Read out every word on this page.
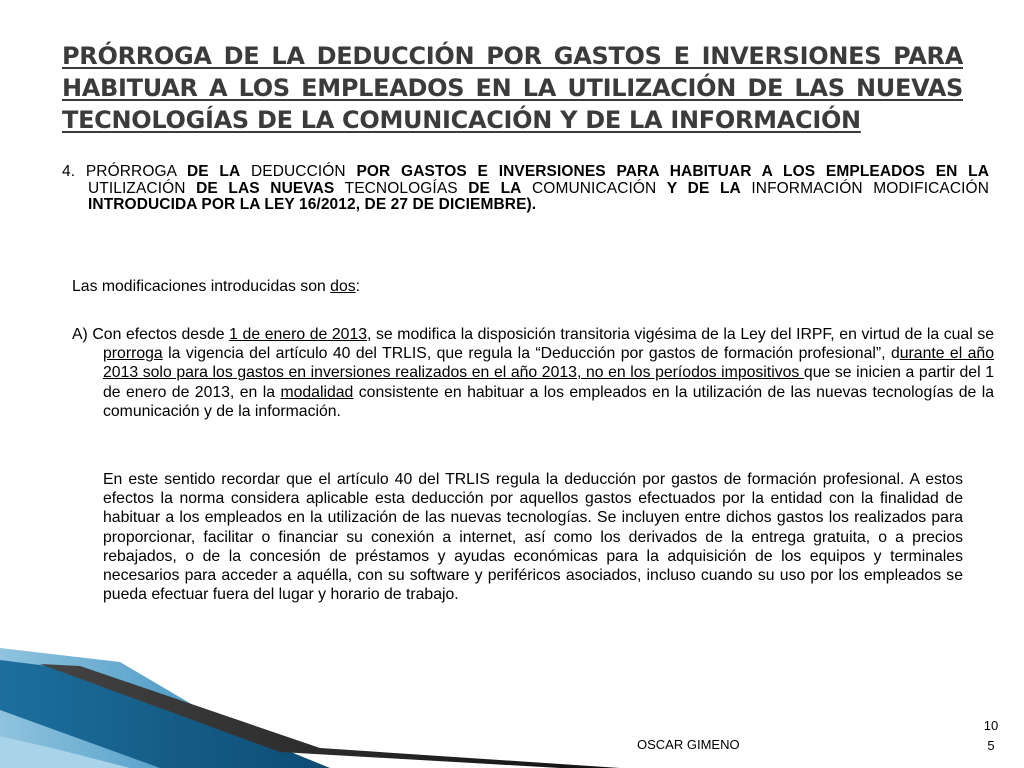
PRÓRROGA DE LA DEDUCCIÓN POR GASTOS E INVERSIONES PARA HABITUAR A LOS EMPLEADOS EN LA UTILIZACIÓN DE LAS NUEVAS TECNOLOGÍAS DE LA COMUNICACIÓN Y DE LA INFORMACIÓN

4. PRÓRROGA DE LA DEDUCCIÓN POR GASTOS E INVERSIONES PARA HABITUAR A LOS EMPLEADOS EN LA UTILIZACIÓN DE LAS NUEVAS TECNOLOGÍAS DE LA COMUNICACIÓN Y DE LA INFORMACIÓN MODIFICACIÓN INTRODUCIDA POR LA LEY 16/2012, DE 27 DE DICIEMBRE).

Las modificaciones introducidas son dos:

A) Con efectos desde 1 de enero de 2013, se modifica la disposición transitoria vigésima de la Ley del IRPF, en virtud de la cual se prorroga la vigencia del artículo 40 del TRLIS, que regula la “Deducción por gastos de formación profesional”, durante el año 2013 solo para los gastos en inversiones realizados en el año 2013, no en los períodos impositivos que se inicien a partir del 1 de enero de 2013, en la modalidad consistente en habituar a los empleados en la utilización de las nuevas tecnologías de la comunicación y de la información.

En este sentido recordar que el artículo 40 del TRLIS regula la deducción por gastos de formación profesional. A estos efectos la norma considera aplicable esta deducción por aquellos gastos efectuados por la entidad con la finalidad de habituar a los empleados en la utilización de las nuevas tecnologías. Se incluyen entre dichos gastos los realizados para proporcionar, facilitar o financiar su conexión a internet, así como los derivados de la entrega gratuita, o a precios rebajados, o de la concesión de préstamos y ayudas económicas para la adquisición de los equipos y terminales necesarios para acceder a aquélla, con su software y periféricos asociados, incluso cuando su uso por los empleados se pueda efectuar fuera del lugar y horario de trabajo.

OSCAR GIMENO
10
5
